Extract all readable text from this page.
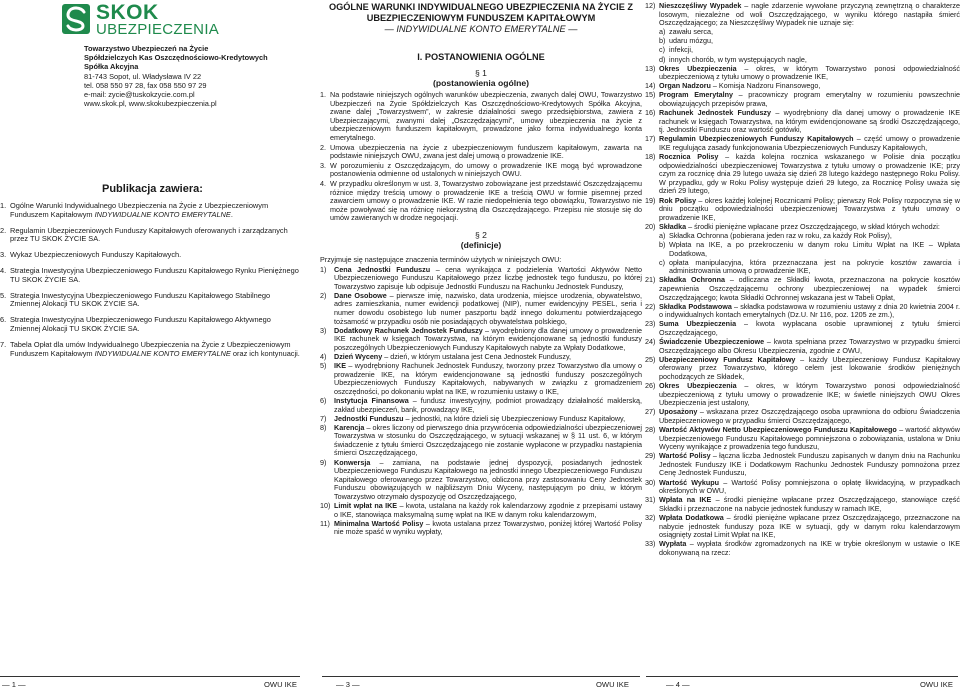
SKOK
UBEZPIECZENIA
Towarzystwo Ubezpieczeń na Życie
Spółdzielczych Kas Oszczędnościowo-Kredytowych
Spółka Akcyjna
81-743 Sopot, ul. Władysława IV 22
tel. 058 550 97 28, fax 058 550 97 29
e-mail: zycie@tuskokzycie.com.pl
www.skok.pl, www.skokubezpieczenia.pl
Publikacja zawiera:
1. Ogólne Warunki Indywidualnego Ubezpieczenia na Życie z Ubezpieczeniowym Funduszem Kapitałowym INDYWIDUALNE KONTO EMERYTALNE.
2. Regulamin Ubezpieczeniowych Funduszy Kapitałowych oferowanych i zarządzanych przez TU SKOK ŻYCIE SA.
3. Wykaz Ubezpieczeniowych Funduszy Kapitałowych.
4. Strategia Inwestycyjna Ubezpieczeniowego Funduszu Kapitałowego Rynku Pieniężnego TU SKOK ŻYCIE SA.
5. Strategia Inwestycyjna Ubezpieczeniowego Funduszu Kapitałowego Stabilnego Zmiennej Alokacji TU SKOK ŻYCIE SA.
6. Strategia Inwestycyjna Ubezpieczeniowego Funduszu Kapitałowego Aktywnego Zmiennej Alokacji TU SKOK ŻYCIE SA.
7. Tabela Opłat dla umów Indywidualnego Ubezpieczenia na Życie z Ubezpieczeniowym Funduszem Kapitałowym INDYWIDUALNE KONTO EMERYTALNE oraz ich kontynuacji.
OGÓLNE WARUNKI INDYWIDUALNEGO UBEZPIECZENIA NA ŻYCIE Z UBEZPIECZENIOWYM FUNDUSZEM KAPITAŁOWYM
— INDYWIDUALNE KONTO EMERYTALNE —
I. POSTANOWIENIA OGÓLNE
§ 1
(postanowienia ogólne)
1. Na podstawie niniejszych ogólnych warunków ubezpieczenia, zwanych dalej OWU, Towarzystwo Ubezpieczeń na Życie Spółdzielczych Kas Oszczędnościowo-Kredytowych Spółka Akcyjna, zwane dalej „Towarzystwem”, w zakresie działalności swego przedsiębiorstwa, zawiera z Ubezpieczającymi, zwanymi dalej „Oszczędzającymi”, umowy ubezpieczenia na życie z ubezpieczeniowym funduszem kapitałowym, prowadzone jako forma indywidualnego konta emerytalnego.
2. Umowa ubezpieczenia na życie z ubezpieczeniowym funduszem kapitałowym, zawarta na podstawie niniejszych OWU, zwana jest dalej umową o prowadzenie IKE.
3. W porozumieniu z Oszczędzającym, do umowy o prowadzenie IKE mogą być wprowadzone postanowienia odmienne od ustalonych w niniejszych OWU.
4. W przypadku określonym w ust. 3, Towarzystwo zobowiązane jest przedstawić Oszczędzającemu różnice między treścią umowy o prowadzenie IKE a treścią OWU w formie pisemnej przed zawarciem umowy o prowadzenie IKE. W razie niedopełnienia tego obowiązku, Towarzystwo nie może powoływać się na różnicę niekorzystną dla Oszczędzającego. Przepisu nie stosuje się do umów zawieranych w drodze negocjacji.
§ 2
(definicje)
Przyjmuje się następujące znaczenia terminów użytych w niniejszych OWU:
1) Cena Jednostki Funduszu – cena wynikająca z podzielenia Wartości Aktywów Netto Ubezpieczeniowego Funduszu Kapitałowego przez liczbę jednostek tego funduszu, po której Towarzystwo zapisuje lub odpisuje Jednostki Funduszu na Rachunku Jednostek Funduszy,
2) Dane Osobowe – pierwsze imię, nazwisko, data urodzenia, miejsce urodzenia, obywatelstwo, adres zamieszkania, numer ewidencji podatkowej (NIP), numer ewidencyjny PESEL, seria i numer dowodu osobistego lub numer paszportu bądź innego dokumentu potwierdzającego tożsamość w przypadku osób nie posiadających obywatelstwa polskiego,
3) Dodatkowy Rachunek Jednostek Funduszy – wyodrębniony dla danej umowy o prowadzenie IKE rachunek w księgach Towarzystwa, na którym ewidencjonowane są jednostki funduszy poszczególnych Ubezpieczeniowych Funduszy Kapitałowych nabyte za Wpłaty Dodatkowe,
4) Dzień Wyceny – dzień, w którym ustalana jest Cena Jednostek Funduszy,
5) IKE – wyodrębniony Rachunek Jednostek Funduszy, tworzony przez Towarzystwo dla umowy o prowadzenie IKE, na którym ewidencjonowane są jednostki funduszy poszczególnych Ubezpieczeniowych Funduszy Kapitałowych, nabywanych w związku z gromadzeniem oszczędności, po dokonaniu wpłat na IKE, w rozumieniu ustawy o IKE,
6) Instytucja Finansowa – fundusz inwestycyjny, podmiot prowadzący działalność maklerską, zakład ubezpieczeń, bank, prowadzący IKE,
7) Jednostki Funduszu – jednostki, na które dzieli się Ubezpieczeniowy Fundusz Kapitałowy,
8) Karencja – okres liczony od pierwszego dnia przywrócenia odpowiedzialności ubezpieczeniowej Towarzystwa w stosunku do Oszczędzającego, w sytuacji wskazanej w § 11 ust. 6, w którym świadczenie z tytułu śmierci Oszczędzającego nie zostanie wypłacone w przypadku nastąpienia śmierci Oszczędzającego,
9) Konwersja – zamiana, na podstawie jednej dyspozycji, posiadanych jednostek Ubezpieczeniowego Funduszu Kapitałowego na jednostki innego Ubezpieczeniowego Funduszu Kapitałowego oferowanego przez Towarzystwo, obliczona przy zastosowaniu Ceny Jednostek Funduszu obowiązujących w najbliższym Dniu Wyceny, następującym po dniu, w którym Towarzystwo otrzymało dyspozycję od Oszczędzającego,
10) Limit wpłat na IKE – kwota, ustalana na każdy rok kalendarzowy zgodnie z przepisami ustawy o IKE, stanowiąca maksymalną sumę wpłat na IKE w danym roku kalendarzowym,
11) Minimalna Wartość Polisy – kwota ustalana przez Towarzystwo, poniżej której Wartość Polisy nie może spaść w wyniku wypłaty,
12) Nieszczęśliwy Wypadek – nagłe zdarzenie wywołane przyczyną zewnętrzną o charakterze losowym, niezależne od woli Oszczędzającego, w wyniku którego nastąpiła śmierć Oszczędzającego; za Nieszczęśliwy Wypadek nie uznaje się:
a) zawału serca,
b) udaru mózgu,
c) infekcji,
d) innych chorób, w tym występujących nagle,
13) Okres Ubezpieczenia – okres, w którym Towarzystwo ponosi odpowiedzialność ubezpieczeniową z tytułu umowy o prowadzenie IKE,
14) Organ Nadzoru – Komisja Nadzoru Finansowego,
15) Program Emerytalny – pracowniczy program emerytalny w rozumieniu powszechnie obowiązujących przepisów prawa,
16) Rachunek Jednostek Funduszy – wyodrębniony dla danej umowy o prowadzenie IKE rachunek w księgach Towarzystwa, na którym ewidencjonowane są środki Oszczędzającego, tj. Jednostki Funduszu oraz wartość gotówki,
17) Regulamin Ubezpieczeniowych Funduszy Kapitałowych – część umowy o prowadzenie IKE regulująca zasady funkcjonowania Ubezpieczeniowych Funduszy Kapitałowych,
18) Rocznica Polisy – każda kolejna rocznica wskazanego w Polisie dnia początku odpowiedzialności ubezpieczeniowej Towarzystwa z tytułu umowy o prowadzenie IKE; przy czym za rocznicę dnia 29 lutego uważa się dzień 28 lutego każdego następnego Roku Polisy. W przypadku, gdy w Roku Polisy występuje dzień 29 lutego, za Rocznicę Polisy uważa się dzień 29 lutego,
19) Rok Polisy – okres każdej kolejnej Rocznicami Polisy; pierwszy Rok Polisy rozpoczyna się w dniu początku odpowiedzialności ubezpieczeniowej Towarzystwa z tytułu umowy o prowadzenie IKE,
20) Składka – środki pieniężne wpłacane przez Oszczędzającego, w skład których wchodzi:
a) Składka Ochronna (pobierana jeden raz w roku, za każdy Rok Polisy),
b) Wpłata na IKE, a po przekroczeniu w danym roku Limitu Wpłat na IKE – Wpłata Dodatkowa,
c) opłata manipulacyjna, która przeznaczana jest na pokrycie kosztów zawarcia i administrowania umową o prowadzenie IKE,
21) Składka Ochronna – odliczana ze Składki kwota, przeznaczona na pokrycie kosztów zapewnienia Oszczędzającemu ochrony ubezpieczeniowej na wypadek śmierci Oszczędzającego; kwota Składki Ochronnej wskazana jest w Tabeli Opłat,
22) Składka Podstawowa – składka podstawowa w rozumieniu ustawy z dnia 20 kwietnia 2004 r. o indywidualnych kontach emerytalnych (Dz.U. Nr 116, poz. 1205 ze zm.),
23) Suma Ubezpieczenia – kwota wypłacana osobie uprawnionej z tytułu śmierci Oszczędzającego,
24) Świadczenie Ubezpieczeniowe – kwota spełniana przez Towarzystwo w przypadku śmierci Oszczędzającego albo Okresu Ubezpieczenia, zgodnie z OWU,
25) Ubezpieczeniowy Fundusz Kapitałowy – każdy Ubezpieczeniowy Fundusz Kapitałowy oferowany przez Towarzystwo, którego celem jest lokowanie środków pieniężnych pochodzących ze Składek,
26) Okres Ubezpieczenia – okres, w którym Towarzystwo ponosi odpowiedzialność ubezpieczeniową z tytułu umowy o prowadzenie IKE; w świetle niniejszych OWU Okres Ubezpieczenia jest ustalony,
27) Uposażony – wskazana przez Oszczędzającego osoba uprawniona do odbioru Świadczenia Ubezpieczeniowego w przypadku śmierci Oszczędzającego,
28) Wartość Aktywów Netto Ubezpieczeniowego Funduszu Kapitałowego – wartość aktywów Ubezpieczeniowego Funduszu Kapitałowego pomniejszona o zobowiązania, ustalona w Dniu Wyceny wynikające z prowadzenia tego funduszu,
29) Wartość Polisy – łączna liczba Jednostek Funduszu zapisanych w danym dniu na Rachunku Jednostek Funduszy IKE i Dodatkowym Rachunku Jednostek Funduszy pomnożona przez Cenę Jednostek Funduszu,
30) Wartość Wykupu – Wartość Polisy pomniejszona o opłatę likwidacyjną, w przypadkach określonych w OWU,
31) Wpłata na IKE – środki pieniężne wpłacane przez Oszczędzającego, stanowiące część Składki i przeznaczone na nabycie jednostek funduszy w ramach IKE,
32) Wpłata Dodatkowa – środki pieniężne wpłacane przez Oszczędzającego, przeznaczone na nabycie jednostek funduszy poza IKE w sytuacji, gdy w danym roku kalendarzowym osiągnięty został Limit Wpłat na IKE,
33) Wypłata – wypłata środków zgromadzonych na IKE w trybie określonym w ustawie o IKE dokonywaną na rzecz:
— 1 —	OWU IKE	— 3 —	OWU IKE	— 4 —	OWU IKE
